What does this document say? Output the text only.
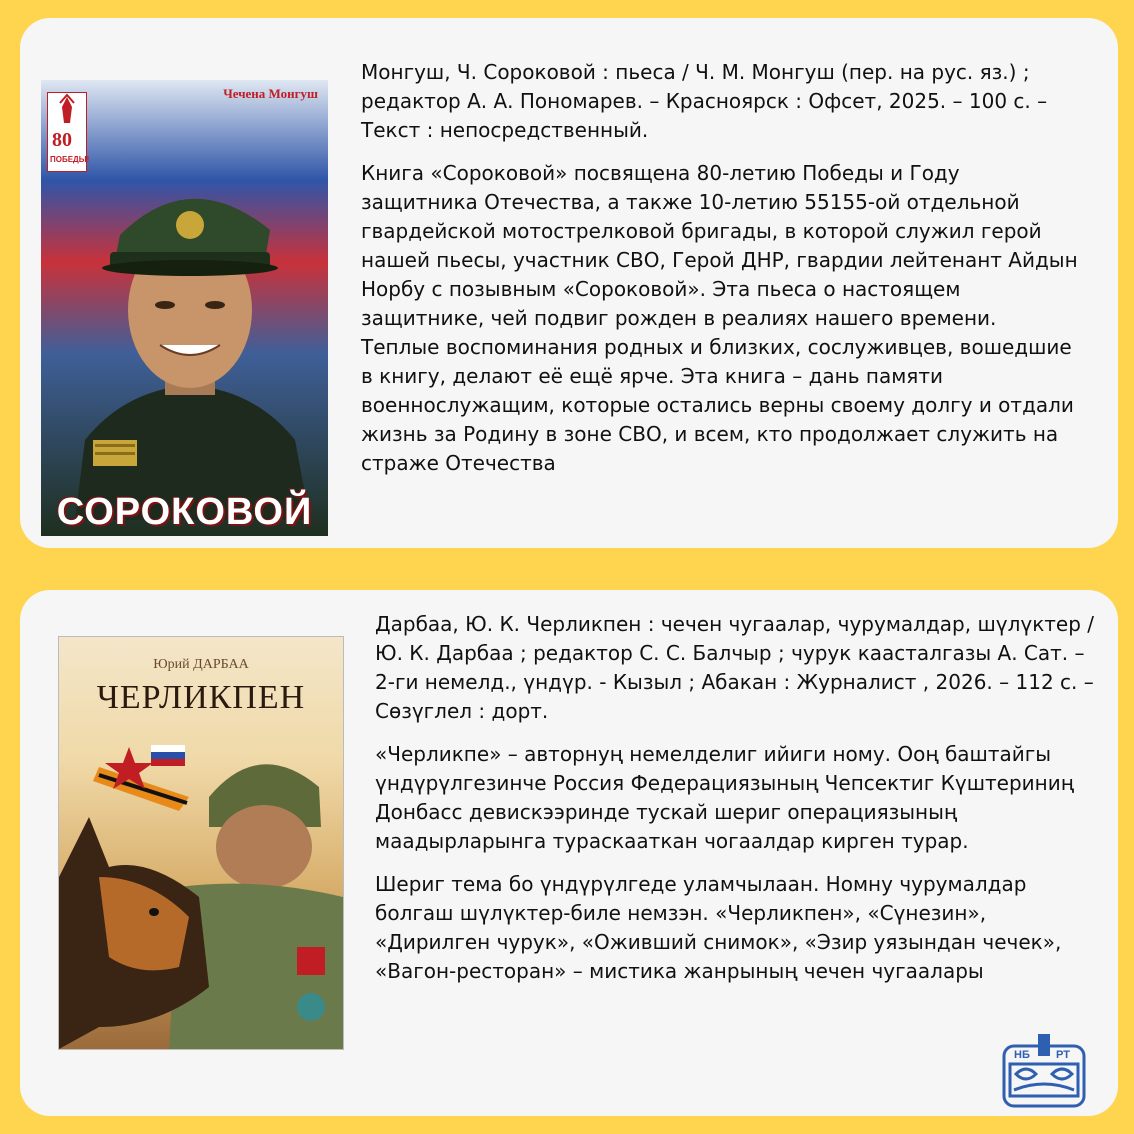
80
ПОБЕДЫ!
Чечена Монгуш
СОРОКОВОЙ

Монгуш, Ч. Сороковой : пьеса / Ч. М. Монгуш (пер. на рус. яз.) ; редактор А. А. Пономарев. – Красноярск : Офсет, 2025. – 100 с. – Текст : непосредственный.

Книга «Сороковой» посвящена 80-летию Победы и Году защитника Отечества, а также 10-летию 55155-ой отдельной гвардейской мотострелковой бригады, в которой служил герой нашей пьесы, участник СВО, Герой ДНР, гвардии лейтенант Айдын Норбу с позывным «Сороковой». Эта пьеса о настоящем защитнике, чей подвиг рожден в реалиях нашего времени. Теплые воспоминания родных и близких, сослуживцев, вошедшие в книгу, делают её ещё ярче. Эта книга – дань памяти военнослужащим, которые остались верны своему долгу и отдали жизнь за Родину в зоне СВО, и всем, кто продолжает служить на страже Отечества

Юрий ДАРБАА
ЧЕРЛИКПЕН

Дарбаа, Ю. К. Черликпен : чечен чугаалар, чурумалдар, шүлүктер / Ю. К. Дарбаа ; редактор С. С. Балчыр ; чурук кааcталгазы А. Сат. – 2-ги немелд., үндүр. - Кызыл ; Абакан : Журналист , 2026. – 112 с. – Сөзүглел : дорт.

«Черликпе» – авторнуң немелделиг ийиги ному. Ооң баштайгы үндүрүлгезинче Россия Федерациязының Чепсектиг Күштериниң Донбасс девискээринде тускай шериг операциязының маадырларынга тураскааткан чогаалдар кирген турар.

Шериг тема бо үндүрүлгеде уламчылаан. Номну чурумалдар болгаш шүлүктер-биле немзэн. «Черликпен», «Сүнезин», «Дирилген чурук», «Оживший снимок», «Эзир уязындан чечек», «Вагон-ресторан» – мистика жанрының чечен чугаалары

НБ РТ
